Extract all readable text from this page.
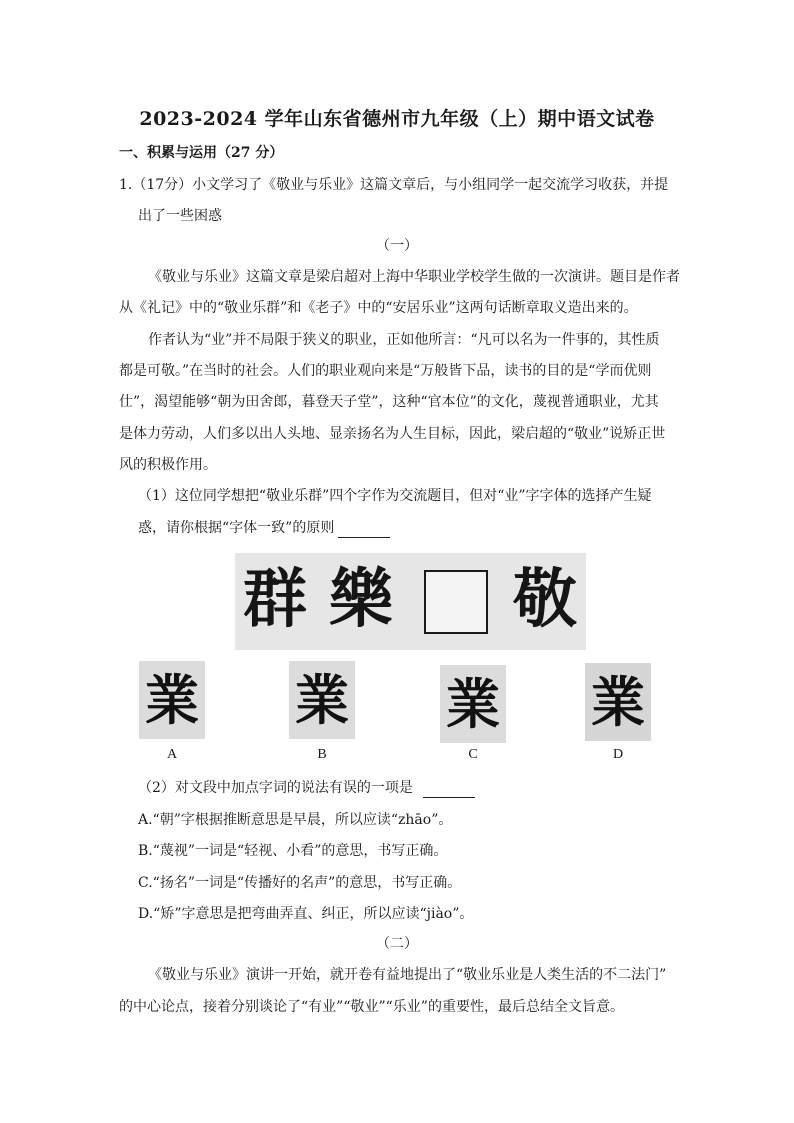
2023-2024 学年山东省德州市九年级（上）期中语文试卷
一、积累与运用（27 分）
1.（17分）小文学习了《敬业与乐业》这篇文章后，与小组同学一起交流学习收获，并提
出了一些困惑
（一）
《敬业与乐业》这篇文章是梁启超对上海中华职业学校学生做的一次演讲。题目是作者
从《礼记》中的“敬业乐群”和《老子》中的“安居乐业”这两句话断章取义造出来的。
作者认为“业”并不局限于狭义的职业，正如他所言：“凡可以名为一件事的，其性质
都是可敬。”在当时的社会。人们的职业观向来是“万般皆下品，读书的目的是“学而优则
仕”，渴望能够“朝为田舍郎，暮登天子堂”，这种“官本位”的文化，蔑视普通职业，尤其
是体力劳动，人们多以出人头地、显亲扬名为人生目标，因此，梁启超的“敬业”说矫正世
风的积极作用。
（1）这位同学想把“敬业乐群”四个字作为交流题目，但对“业”字字体的选择产生疑
惑，请你根据“字体一致”的原则
群 樂 敬
業
A
業
B
業
C
業
D
（2）对文段中加点字词的说法有误的一项是
A.“朝”字根据推断意思是早晨，所以应读“zhāo”。
B.“蔑视”一词是“轻视、小看”的意思，书写正确。
C.“扬名”一词是“传播好的名声”的意思，书写正确。
D.“矫”字意思是把弯曲弄直、纠正，所以应读“jiào”。
（二）
《敬业与乐业》演讲一开始，就开卷有益地提出了“敬业乐业是人类生活的不二法门”
的中心论点，接着分别谈论了“有业”“敬业”“乐业”的重要性，最后总结全文旨意。
